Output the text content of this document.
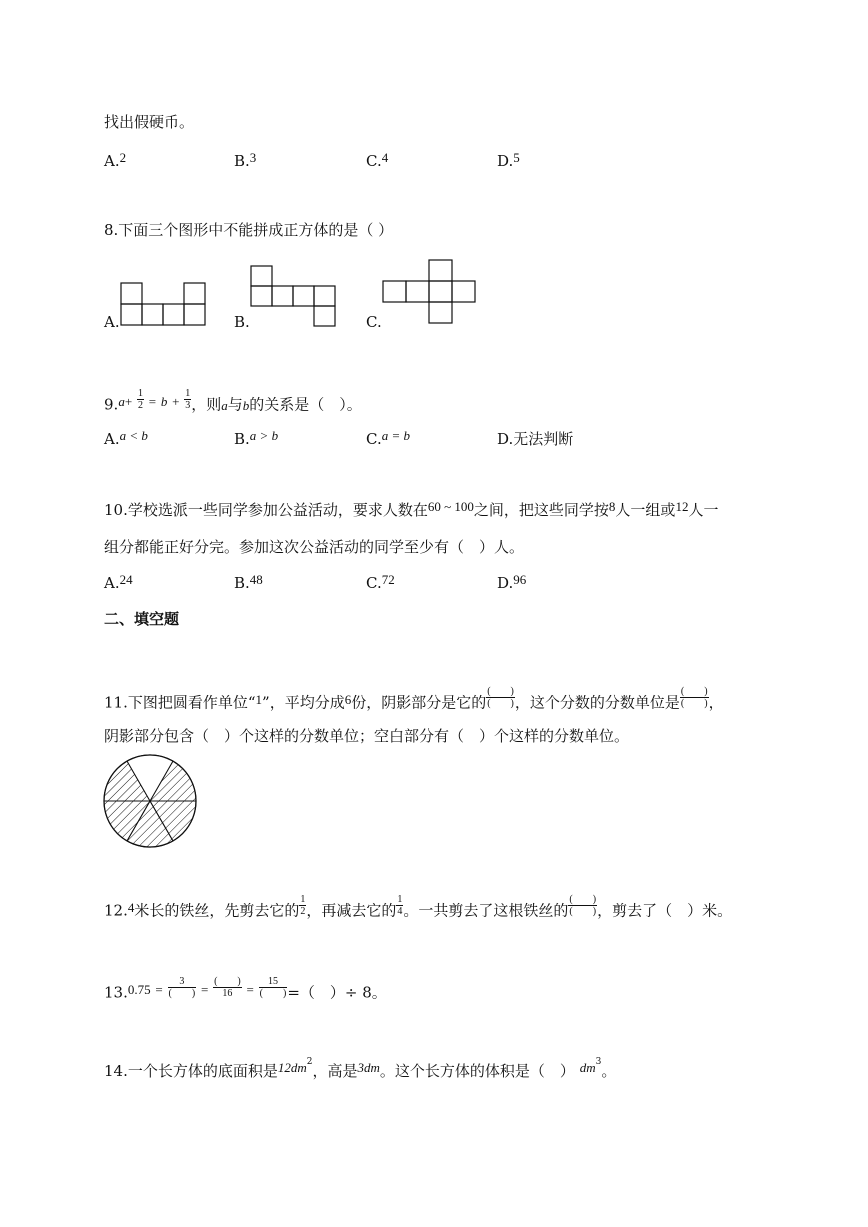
找出假硬币。
A.2	B.3	C.4	D.5
8.下面三个图形中不能拼成正方体的是（ ）
A.	B.	C.
$9.a+ \frac{1}{2} = b + \frac{1}{3}$ ，则a与b的关系是（　）。
A.a < b	B.a > b	C.a = b	D.无法判断
10.学校选派一些同学参加公益活动，要求人数在60 ~ 100之间，把这些同学按8人一组或12人一
组分都能正好分完。参加这次公益活动的同学至少有（　）人。
A.24	B.48	C.72	D.96
二、填空题
11.下图把圆看作单位“1”，平均分成6份，阴影部分是它的 $\frac{( )}{( )}$ ，这个分数的分数单位是 $\frac{( )}{( )}$ ，
阴影部分包含（　）个这样的分数单位；空白部分有（　）个这样的分数单位。
12.4米长的铁丝，先剪去它的 $\frac{1}{2}$ ，再减去它的 $\frac{1}{4}$ 。一共剪去了这根铁丝的 $\frac{( )}{( )}$ ，剪去了（　）米。
$13.0.75 = \frac{3}{( )} = \frac{( )}{16} = \frac{15}{( )}$ =（　）÷ 8。
14.一个长方体的底面积是$12dm^2$，高是3dm。这个长方体的体积是（　） $dm^3$。
